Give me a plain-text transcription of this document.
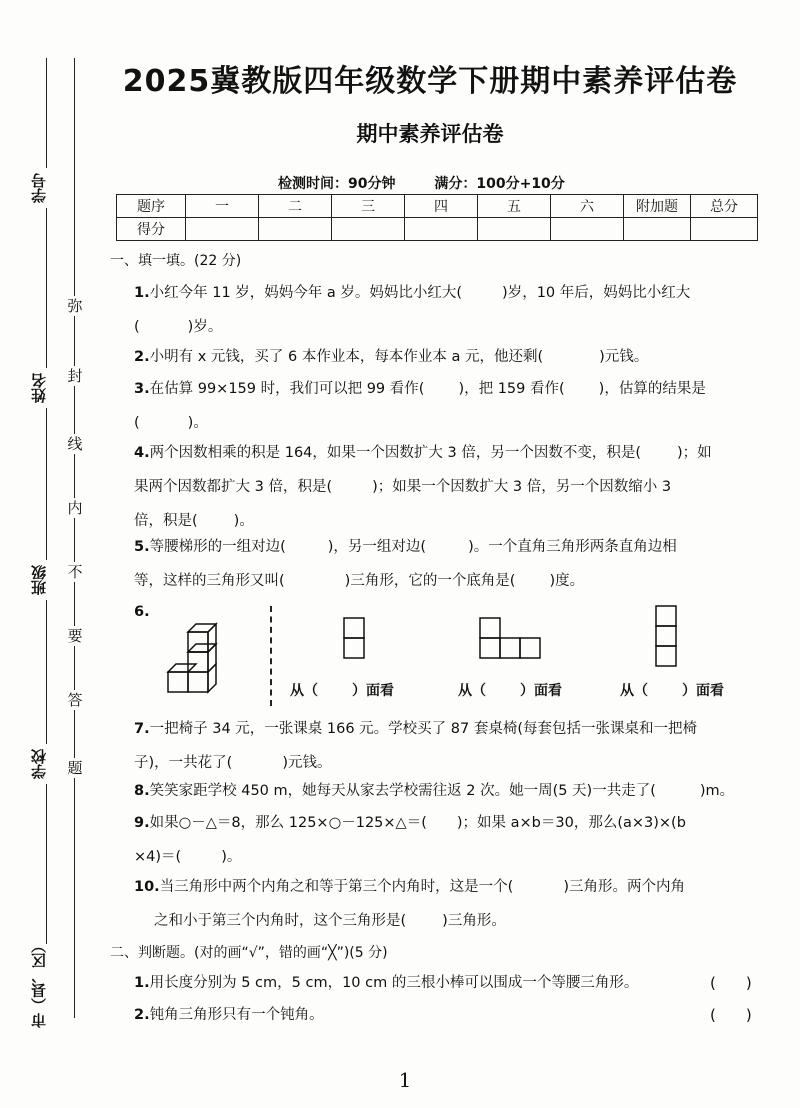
学号
姓名
班级
学校
市（县、区）
弥
封
线
内
不
要
答
题
2025冀教版四年级数学下册期中素养评估卷
期中素养评估卷
检测时间：90分钟	满分：100分+10分
题序	一	二	三	四	五	六	附加题	总分
得分								
一、填一填。(22 分)
1.小红今年 11 岁，妈妈今年 a 岁。妈妈比小红大(	)岁，10 年后，妈妈比小红大
(	)岁。
2.小明有 x 元钱，买了 6 本作业本，每本作业本 a 元，他还剩(	)元钱。
3.在估算 99×159 时，我们可以把 99 看作( )，把 159 看作( )，估算的结果是
(	)。
4.两个因数相乘的积是 164，如果一个因数扩大 3 倍，另一个因数不变，积是( )；如
果两个因数都扩大 3 倍，积是(	)；如果一个因数扩大 3 倍，另一个因数缩小 3
倍，积是( )。
5.等腰梯形的一组对边(	)，另一组对边(	)。一个直角三角形两条直角边相
等，这样的三角形又叫(	)三角形，它的一个底角是( )度。
6.
从（ ）面看	从（ ）面看	从（ ）面看
7.一把椅子 34 元，一张课桌 166 元。学校买了 87 套桌椅(每套包括一张课桌和一把椅
子)，一共花了(	)元钱。
8.笑笑家距学校 450 m，她每天从家去学校需往返 2 次。她一周(5 天)一共走了(	)m。
9.如果○－△＝8，那么 125×○－125×△＝( )；如果 a×b＝30，那么(a×3)×(b
×4)＝(	)。
10.当三角形中两个内角之和等于第三个内角时，这是一个(	)三角形。两个内角
之和小于第三个内角时，这个三角形是( )三角形。
二、判断题。(对的画“√”，错的画“╳”)(5 分)
1.用长度分别为 5 cm，5 cm，10 cm 的三根小棒可以围成一个等腰三角形。	(　　)
2.钝角三角形只有一个钝角。	(　　)
1
